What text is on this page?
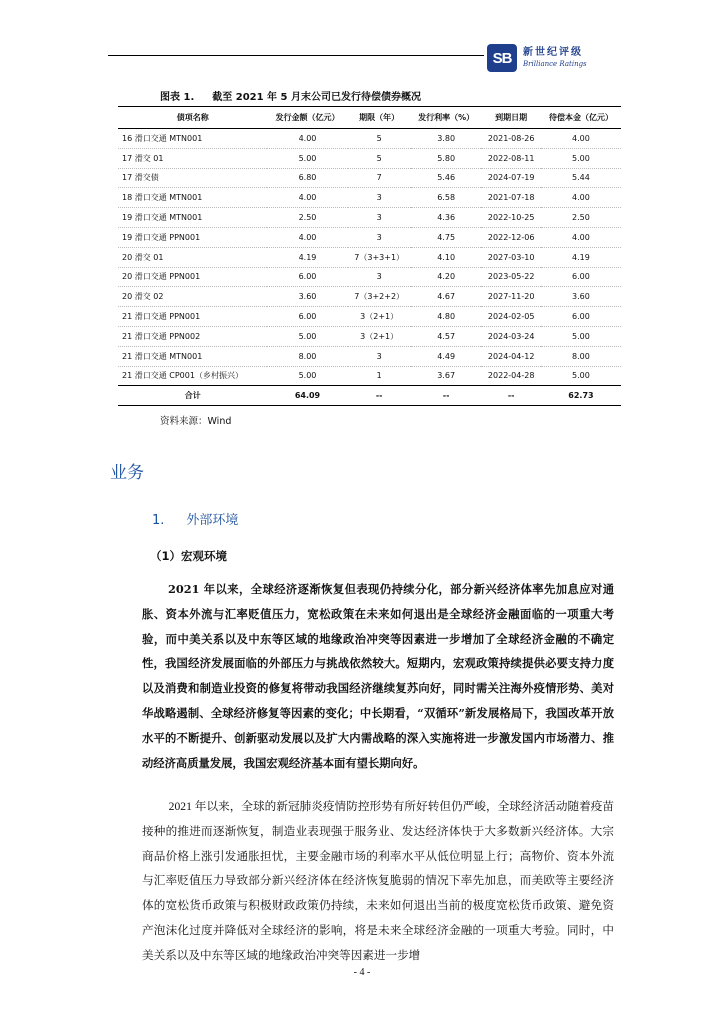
SB	新世纪评级
Brilliance Ratings
图表 1. 截至 2021 年 5 月末公司已发行待偿债券概况
债项名称	发行金额（亿元）	期限（年）	发行利率（%）	到期日期	待偿本金（亿元）
16 滑口交通 MTN001	4.00	5	3.80	2021-08-26	4.00
17 滑交 01	5.00	5	5.80	2022-08-11	5.00
17 滑交债	6.80	7	5.46	2024-07-19	5.44
18 滑口交通 MTN001	4.00	3	6.58	2021-07-18	4.00
19 滑口交通 MTN001	2.50	3	4.36	2022-10-25	2.50
19 滑口交通 PPN001	4.00	3	4.75	2022-12-06	4.00
20 滑交 01	4.19	7（3+3+1）	4.10	2027-03-10	4.19
20 滑口交通 PPN001	6.00	3	4.20	2023-05-22	6.00
20 滑交 02	3.60	7（3+2+2）	4.67	2027-11-20	3.60
21 滑口交通 PPN001	6.00	3（2+1）	4.80	2024-02-05	6.00
21 滑口交通 PPN002	5.00	3（2+1）	4.57	2024-03-24	5.00
21 滑口交通 MTN001	8.00	3	4.49	2024-04-12	8.00
21 滑口交通 CP001（乡村振兴）	5.00	1	3.67	2022-04-28	5.00
合计	64.09	--	--	--	62.73
资料来源：Wind
业务
1. 外部环境
（1）宏观环境
2021 年以来，全球经济逐渐恢复但表现仍持续分化，部分新兴经济体率先加息应对通胀、资本外流与汇率贬值压力，宽松政策在未来如何退出是全球经济金融面临的一项重大考验，而中美关系以及中东等区域的地缘政治冲突等因素进一步增加了全球经济金融的不确定性，我国经济发展面临的外部压力与挑战依然较大。短期内，宏观政策持续提供必要支持力度以及消费和制造业投资的修复将带动我国经济继续复苏向好，同时需关注海外疫情形势、美对华战略遏制、全球经济修复等因素的变化；中长期看，“双循环”新发展格局下，我国改革开放水平的不断提升、创新驱动发展以及扩大内需战略的深入实施将进一步激发国内市场潜力、推动经济高质量发展，我国宏观经济基本面有望长期向好。
2021 年以来，全球的新冠肺炎疫情防控形势有所好转但仍严峻，全球经济活动随着疫苗接种的推进而逐渐恢复，制造业表现强于服务业、发达经济体快于大多数新兴经济体。大宗商品价格上涨引发通胀担忧，主要金融市场的利率水平从低位明显上行；高物价、资本外流与汇率贬值压力导致部分新兴经济体在经济恢复脆弱的情况下率先加息，而美欧等主要经济体的宽松货币政策与积极财政政策仍持续，未来如何退出当前的极度宽松货币政策、避免资产泡沫化过度并降低对全球经济的影响，将是未来全球经济金融的一项重大考验。同时，中美关系以及中东等区域的地缘政治冲突等因素进一步增
- 4 -
